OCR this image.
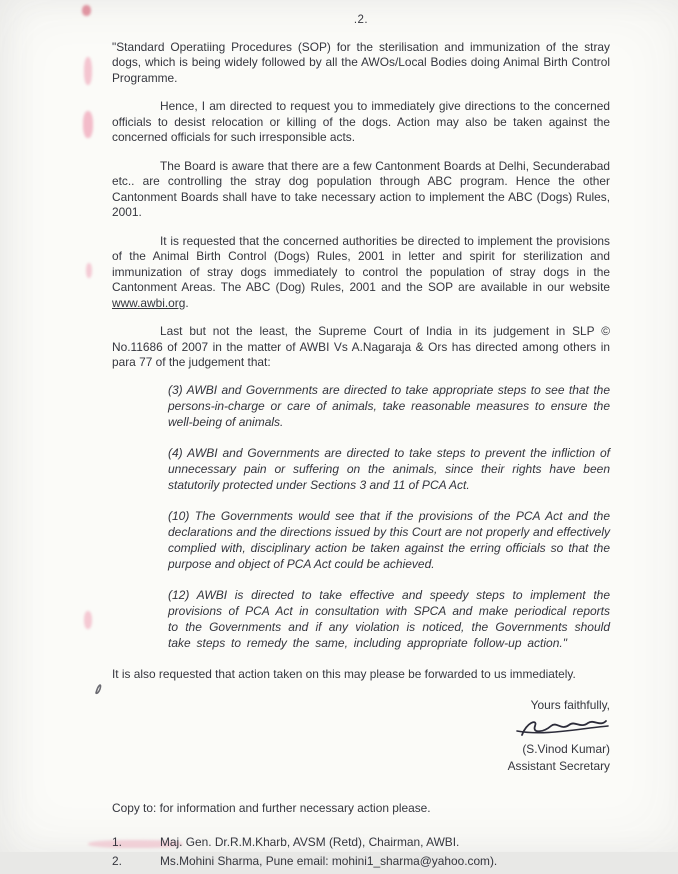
.2.

"Standard Operatiing Procedures (SOP) for the sterilisation and immunization of the stray dogs, which is being widely followed by all the AWOs/Local Bodies doing Animal Birth Control Programme.

Hence, I am directed to request you to immediately give directions to the concerned officials to desist relocation or killing of the dogs. Action may also be taken against the concerned officials for such irresponsible acts.

The Board is aware that there are a few Cantonment Boards at Delhi, Secunderabad etc.. are controlling the stray dog population through ABC program. Hence the other Cantonment Boards shall have to take necessary action to implement the ABC (Dogs) Rules, 2001.

It is requested that the concerned authorities be directed to implement the provisions of the Animal Birth Control (Dogs) Rules, 2001 in letter and spirit for sterilization and immunization of stray dogs immediately to control the population of stray dogs in the Cantonment Areas. The ABC (Dog) Rules, 2001 and the SOP are available in our website www.awbi.org.

Last but not the least, the Supreme Court of India in its judgement in SLP © No.11686 of 2007 in the matter of AWBI Vs A.Nagaraja & Ors has directed among others in para 77 of the judgement that:

(3) AWBI and Governments are directed to take appropriate steps to see that the persons-in-charge or care of animals, take reasonable measures to ensure the well-being of animals.

(4) AWBI and Governments are directed to take steps to prevent the infliction of unnecessary pain or suffering on the animals, since their rights have been statutorily protected under Sections 3 and 11 of PCA Act.

(10) The Governments would see that if the provisions of the PCA Act and the declarations and the directions issued by this Court are not properly and effectively complied with, disciplinary action be taken against the erring officials so that the purpose and object of PCA Act could be achieved.

(12) AWBI is directed to take effective and speedy steps to implement the provisions of PCA Act in consultation with SPCA and make periodical reports to the Governments and if any violation is noticed, the Governments should take steps to remedy the same, including appropriate follow-up action."

It is also requested that action taken on this may please be forwarded to us immediately.

Yours faithfully,
(S.Vinod Kumar)
Assistant Secretary

Copy to: for information and further necessary action please.

1.	Maj. Gen. Dr.R.M.Kharb, AVSM (Retd), Chairman, AWBI.
2.	Ms.Mohini Sharma, Pune email: mohini1_sharma@yahoo.com).
